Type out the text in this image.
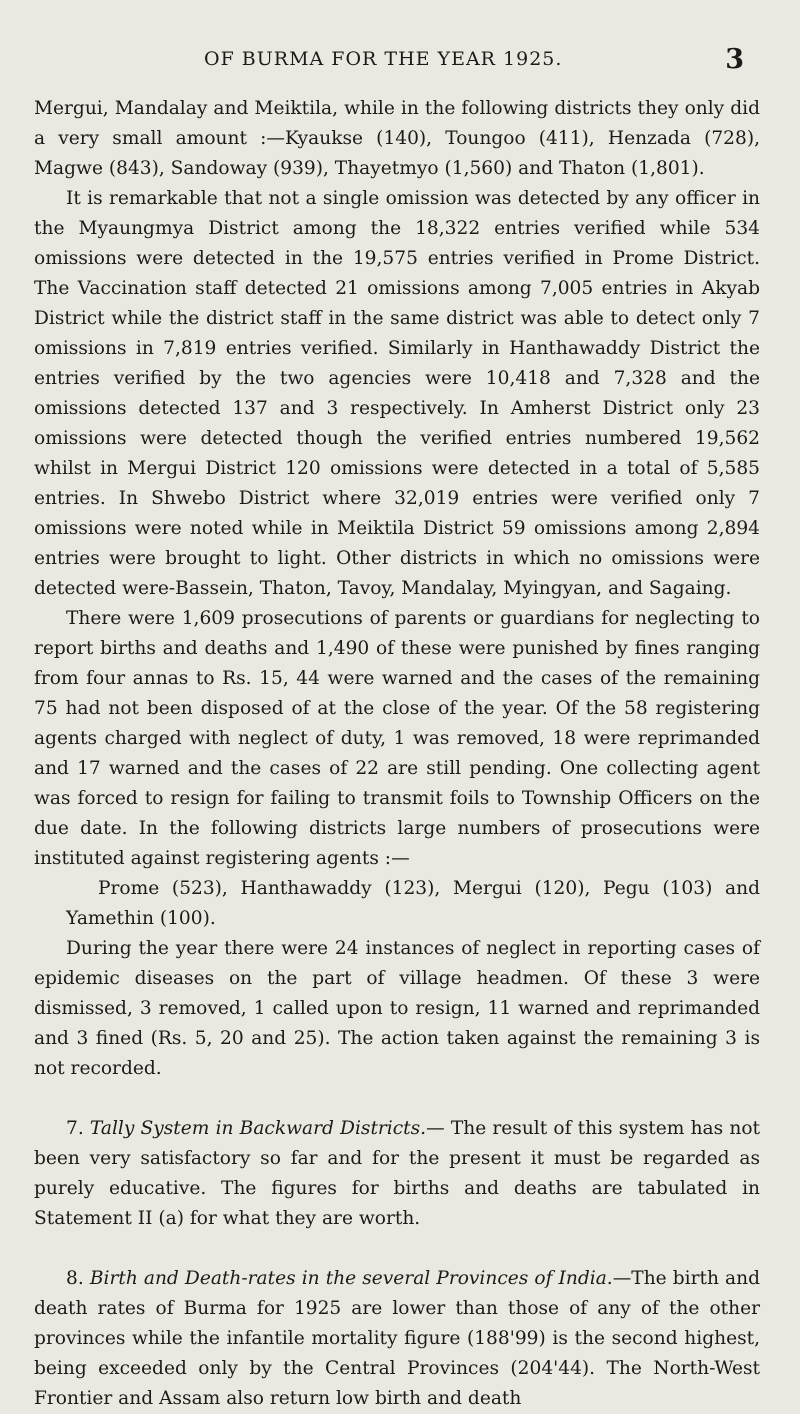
OF BURMA FOR THE YEAR 1925.	3

Mergui, Mandalay and Meiktila, while in the following districts they only did a very small amount :—Kyaukse (140), Toungoo (411), Henzada (728), Magwe (843), Sandoway (939), Thayetmyo (1,560) and Thaton (1,801).

It is remarkable that not a single omission was detected by any officer in the Myaungmya District among the 18,322 entries verified while 534 omissions were detected in the 19,575 entries verified in Prome District. The Vaccination staff detected 21 omissions among 7,005 entries in Akyab District while the district staff in the same district was able to detect only 7 omissions in 7,819 entries verified. Similarly in Hanthawaddy District the entries verified by the two agencies were 10,418 and 7,328 and the omissions detected 137 and 3 respectively. In Amherst District only 23 omissions were detected though the verified entries numbered 19,562 whilst in Mergui District 120 omissions were detected in a total of 5,585 entries. In Shwebo District where 32,019 entries were verified only 7 omissions were noted while in Meiktila District 59 omissions among 2,894 entries were brought to light. Other districts in which no omissions were detected were-Bassein, Thaton, Tavoy, Mandalay, Myingyan, and Sagaing.

There were 1,609 prosecutions of parents or guardians for neglecting to report births and deaths and 1,490 of these were punished by fines ranging from four annas to Rs. 15, 44 were warned and the cases of the remaining 75 had not been disposed of at the close of the year. Of the 58 registering agents charged with neglect of duty, 1 was removed, 18 were reprimanded and 17 warned and the cases of 22 are still pending. One collecting agent was forced to resign for failing to transmit foils to Township Officers on the due date. In the following districts large numbers of prosecutions were instituted against registering agents :—

Prome (523), Hanthawaddy (123), Mergui (120), Pegu (103) and Yamethin (100).

During the year there were 24 instances of neglect in reporting cases of epidemic diseases on the part of village headmen. Of these 3 were dismissed, 3 removed, 1 called upon to resign, 11 warned and reprimanded and 3 fined (Rs. 5, 20 and 25). The action taken against the remaining 3 is not recorded.

7. Tally System in Backward Districts.— The result of this system has not been very satisfactory so far and for the present it must be regarded as purely educative. The figures for births and deaths are tabulated in Statement II (a) for what they are worth.

8. Birth and Death-rates in the several Provinces of India.—The birth and death rates of Burma for 1925 are lower than those of any of the other provinces while the infantile mortality figure (188'99) is the second highest, being exceeded only by the Central Provinces (204'44). The North-West Frontier and Assam also return low birth and death
